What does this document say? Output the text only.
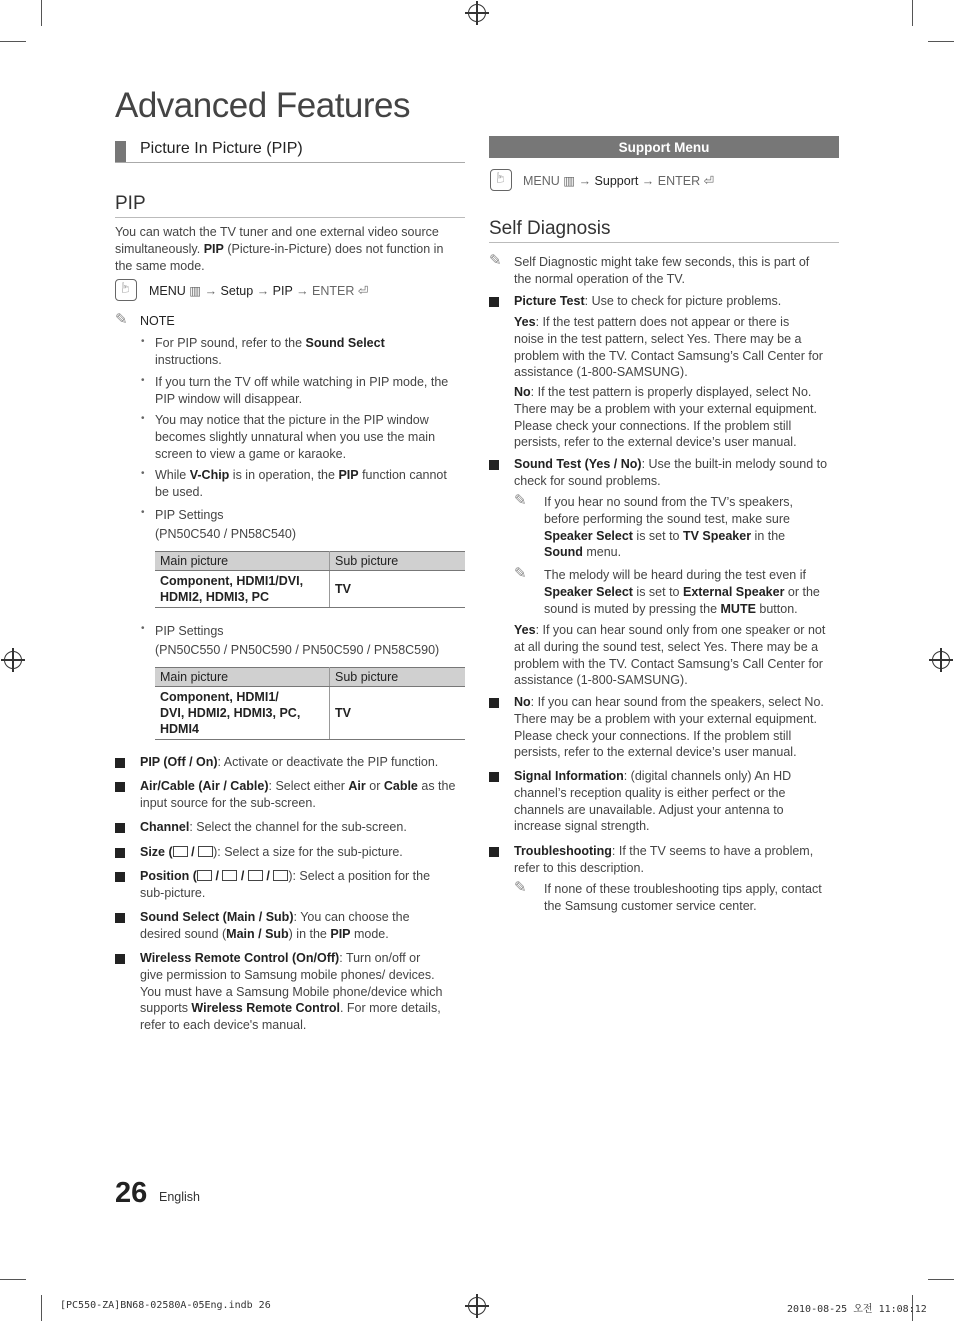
Advanced Features
Picture In Picture (PIP)
PIP
You can watch the TV tuner and one external video source
simultaneously. PIP (Picture-in-Picture) does not function in
the same mode.
☞
MENU ▥ → Setup → PIP → ENTER ⏎
✎ NOTE
• For PIP sound, refer to the Sound Select
instructions.
• If you turn the TV off while watching in PIP mode, the
PIP window will disappear.
• You may notice that the picture in the PIP window
becomes slightly unnatural when you use the main
screen to view a game or karaoke.
• While V-Chip is in operation, the PIP function cannot
be used.
• PIP Settings
(PN50C540 / PN58C540)
Main picture	Sub picture

Component, HDMI1/DVI,
HDMI2, HDMI3, PC	TV
• PIP Settings
(PN50C550 / PN50C590 / PN50C590 / PN58C590)
Main picture	Sub picture

Component, HDMI1/
DVI, HDMI2, HDMI3, PC,
HDMI4	TV
PIP (Off / On): Activate or deactivate the PIP function.
Air/Cable (Air / Cable): Select either Air or Cable as the
input source for the sub-screen.
Channel: Select the channel for the sub-screen.
Size ( / ): Select a size for the sub-picture.
Position ( / / / ): Select a position for the
sub-picture.
Sound Select (Main / Sub): You can choose the
desired sound (Main / Sub) in the PIP mode.
Wireless Remote Control (On/Off): Turn on/off or
give permission to Samsung mobile phones/ devices.
You must have a Samsung Mobile phone/device which
supports Wireless Remote Control. For more details,
refer to each device's manual.
Support Menu
☞
MENU ▥ → Support → ENTER ⏎
Self Diagnosis
✎ Self Diagnostic might take few seconds, this is part of
the normal operation of the TV.
Picture Test: Use to check for picture problems.
Yes: If the test pattern does not appear or there is
noise in the test pattern, select Yes. There may be a
problem with the TV. Contact Samsung’s Call Center for
assistance (1-800-SAMSUNG).
No: If the test pattern is properly displayed, select No.
There may be a problem with your external equipment.
Please check your connections. If the problem still
persists, refer to the external device’s user manual.
Sound Test (Yes / No): Use the built-in melody sound to
check for sound problems.
✎ If you hear no sound from the TV’s speakers,
before performing the sound test, make sure
Speaker Select is set to TV Speaker in the
Sound menu.
✎ The melody will be heard during the test even if
Speaker Select is set to External Speaker or the
sound is muted by pressing the MUTE button.
Yes: If you can hear sound only from one speaker or not
at all during the sound test, select Yes. There may be a
problem with the TV. Contact Samsung’s Call Center for
assistance (1-800-SAMSUNG).
No: If you can hear sound from the speakers, select No.
There may be a problem with your external equipment.
Please check your connections. If the problem still
persists, refer to the external device’s user manual.
Signal Information: (digital channels only) An HD
channel’s reception quality is either perfect or the
channels are unavailable. Adjust your antenna to
increase signal strength.
Troubleshooting: If the TV seems to have a problem,
refer to this description.
✎ If none of these troubleshooting tips apply, contact
the Samsung customer service center.
26 English
[PC550-ZA]BN68-02580A-05Eng.indb 26	2010-08-25 오전 11:08:12
